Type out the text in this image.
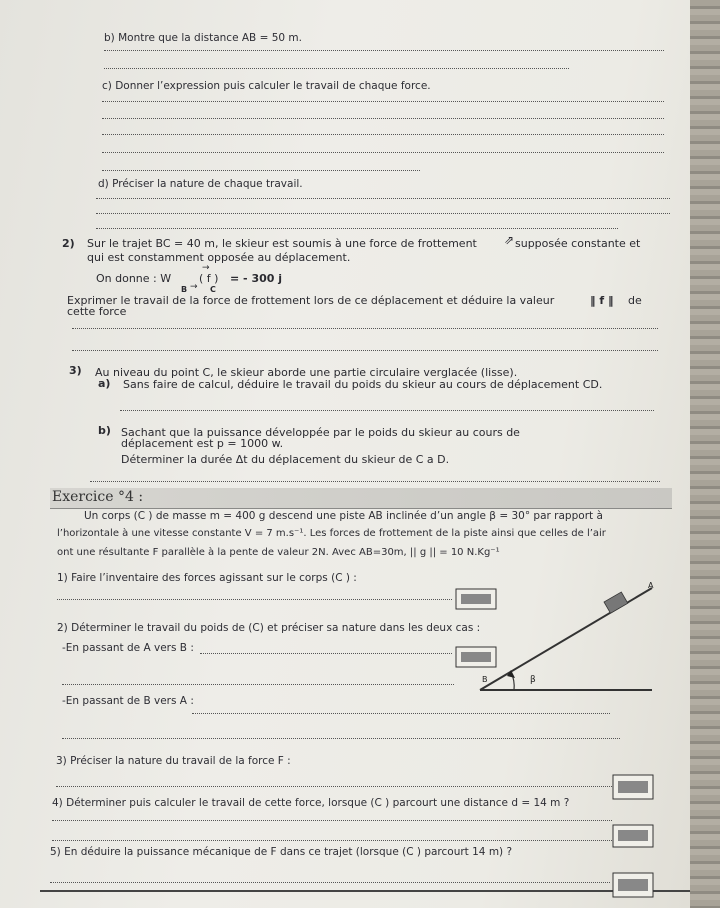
b) Montre que la distance AB = 50 m.
c) Donner l’expression puis calculer le travail de chaque force.
d) Préciser la nature de chaque travail.
2) Sur le trajet BC = 40 m, le skieur est soumis à une force de frottement ⇗ supposée constante et
qui est constamment opposée au déplacement.
On donne : W
→
( f ) = - 300 j
B → C
Exprimer le travail de la force de frottement lors de ce déplacement et déduire la valeur	‖ f ‖ de
cette force
3) Au niveau du point C, le skieur aborde une partie circulaire verglacée (lisse).
a) Sans faire de calcul, déduire le travail du poids du skieur au cours de déplacement CD.
b) Sachant que la puissance développée par le poids du skieur au cours de
déplacement est p = 1000 w.
Déterminer la durée Δt du déplacement du skieur de C a D.
Exercice °4 :
Un corps (C ) de masse m = 400 g descend une piste AB inclinée d’un angle β = 30° par rapport à
l’horizontale à une vitesse constante V = 7 m.s⁻¹. Les forces de frottement de la piste ainsi que celles de l’air
ont une résultante F parallèle à la pente de valeur 2N. Avec AB=30m, || g || = 10 N.Kg⁻¹
1) Faire l’inventaire des forces agissant sur le corps (C ) :
2) Déterminer le travail du poids de (C) et préciser sa nature dans les deux cas :
-En passant de A vers B :
-En passant de B vers A :
3) Préciser la nature du travail de la force F :
4) Déterminer puis calculer le travail de cette force, lorsque (C ) parcourt une distance d = 14 m ?
5) En déduire la puissance mécanique de F dans ce trajet (lorsque (C ) parcourt 14 m) ?
A
B	β
